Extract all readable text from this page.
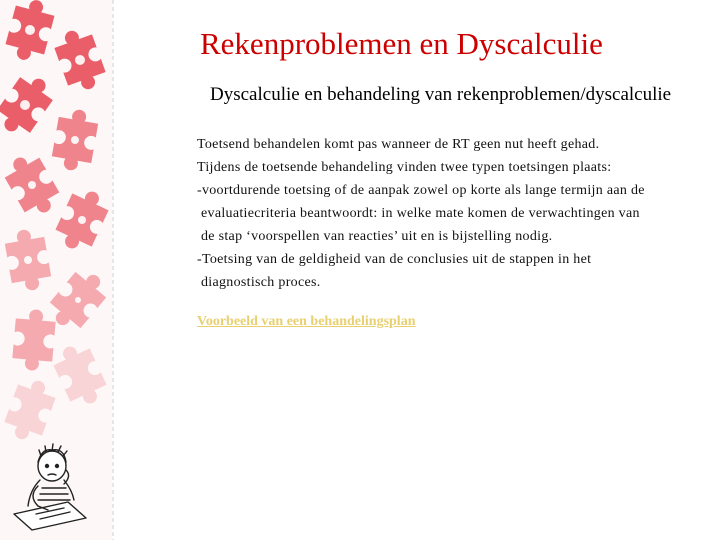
Rekenproblemen en Dyscalculie
Dyscalculie en behandeling van rekenproblemen/dyscalculie
Toetsend behandelen komt pas wanneer de RT geen nut heeft gehad.
Tijdens de toetsende behandeling vinden twee typen toetsingen plaats:
-voortdurende toetsing of de aanpak zowel op korte als lange termijn aan de
evaluatiecriteria beantwoordt: in welke mate komen de verwachtingen van
de stap ‘voorspellen van reacties’ uit en is bijstelling nodig.
-Toetsing van de geldigheid van de conclusies uit de stappen in het
diagnostisch proces.
Voorbeeld van een behandelingsplan
